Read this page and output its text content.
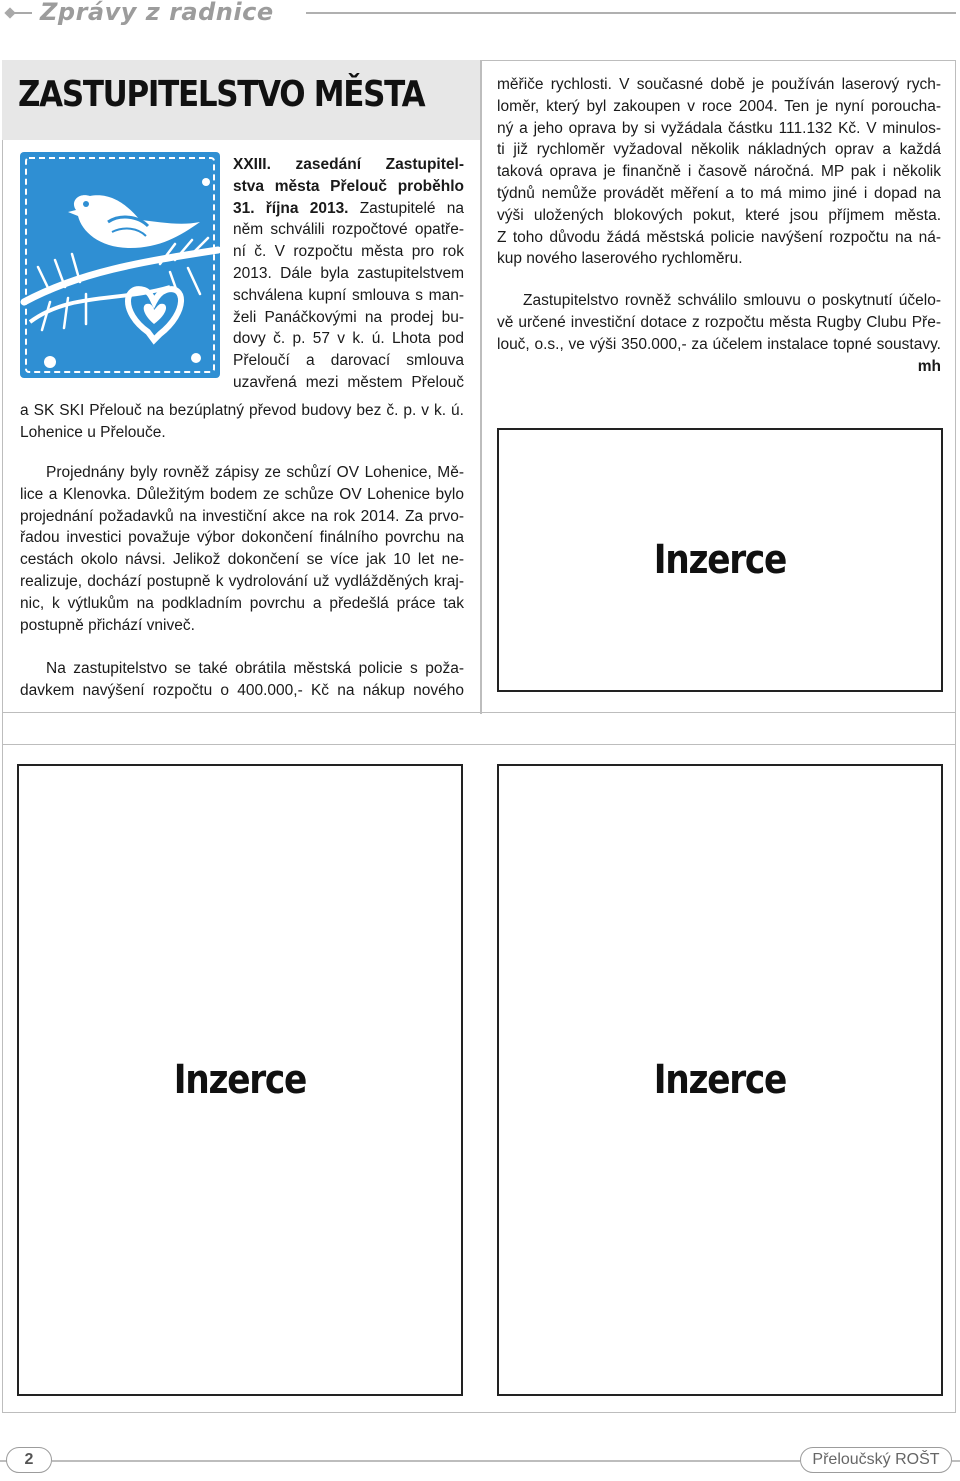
Zprávy z radnice
ZASTUPITELSTVO MĚSTA

XXIII. zasedání Zastupitel-
stva města Přelouč proběhlo
31. října 2013. Zastupitelé na
něm schválili rozpočtové opatře-
ní č. V rozpočtu města pro rok
2013. Dále byla zastupitelstvem
schválena kupní smlouva s man-
želi Panáčkovými na prodej bu-
dovy č. p. 57 v k. ú. Lhota pod
Přeloučí a darovací smlouva
uzavřená mezi městem Přelouč

a SK SKI Přelouč na bezúplatný převod budovy bez č. p. v k. ú.
Lohenice u Přelouče.

Projednány byly rovněž zápisy ze schůzí OV Lohenice, Mě-
lice a Klenovka. Důležitým bodem ze schůze OV Lohenice bylo
projednání požadavků na investiční akce na rok 2014. Za prvo-
řadou investici považuje výbor dokončení finálního povrchu na
cestách okolo návsi. Jelikož dokončení se více jak 10 let ne-
realizuje, dochází postupně k vydrolování už vydlážděných kraj-
nic, k výtlukům na podkladním povrchu a předešlá práce tak
postupně přichází vniveč.

Na zastupitelstvo se také obrátila městská policie s poža-
davkem navýšení rozpočtu o 400.000,- Kč na nákup nového

měřiče rychlosti. V současné době je používán laserový rych-
loměr, který byl zakoupen v roce 2004. Ten je nyní poroucha-
ný a jeho oprava by si vyžádala částku 111.132 Kč. V minulos-
ti již rychloměr vyžadoval několik nákladných oprav a každá
taková oprava je finančně i časově náročná. MP pak i několik
týdnů nemůže provádět měření a to má mimo jiné i dopad na
výši uložených blokových pokut, které jsou příjmem města.
Z toho důvodu žádá městská policie navýšení rozpočtu na ná-
kup nového laserového rychloměru.

Zastupitelstvo rovněž schválilo smlouvu o poskytnutí účelo-
vě určené investiční dotace z rozpočtu města Rugby Clubu Pře-
louč, o.s., ve výši 350.000,- za účelem instalace topné soustavy.

mh
Inzerce
Inzerce	Inzerce
2	Přeloučský ROŠT
